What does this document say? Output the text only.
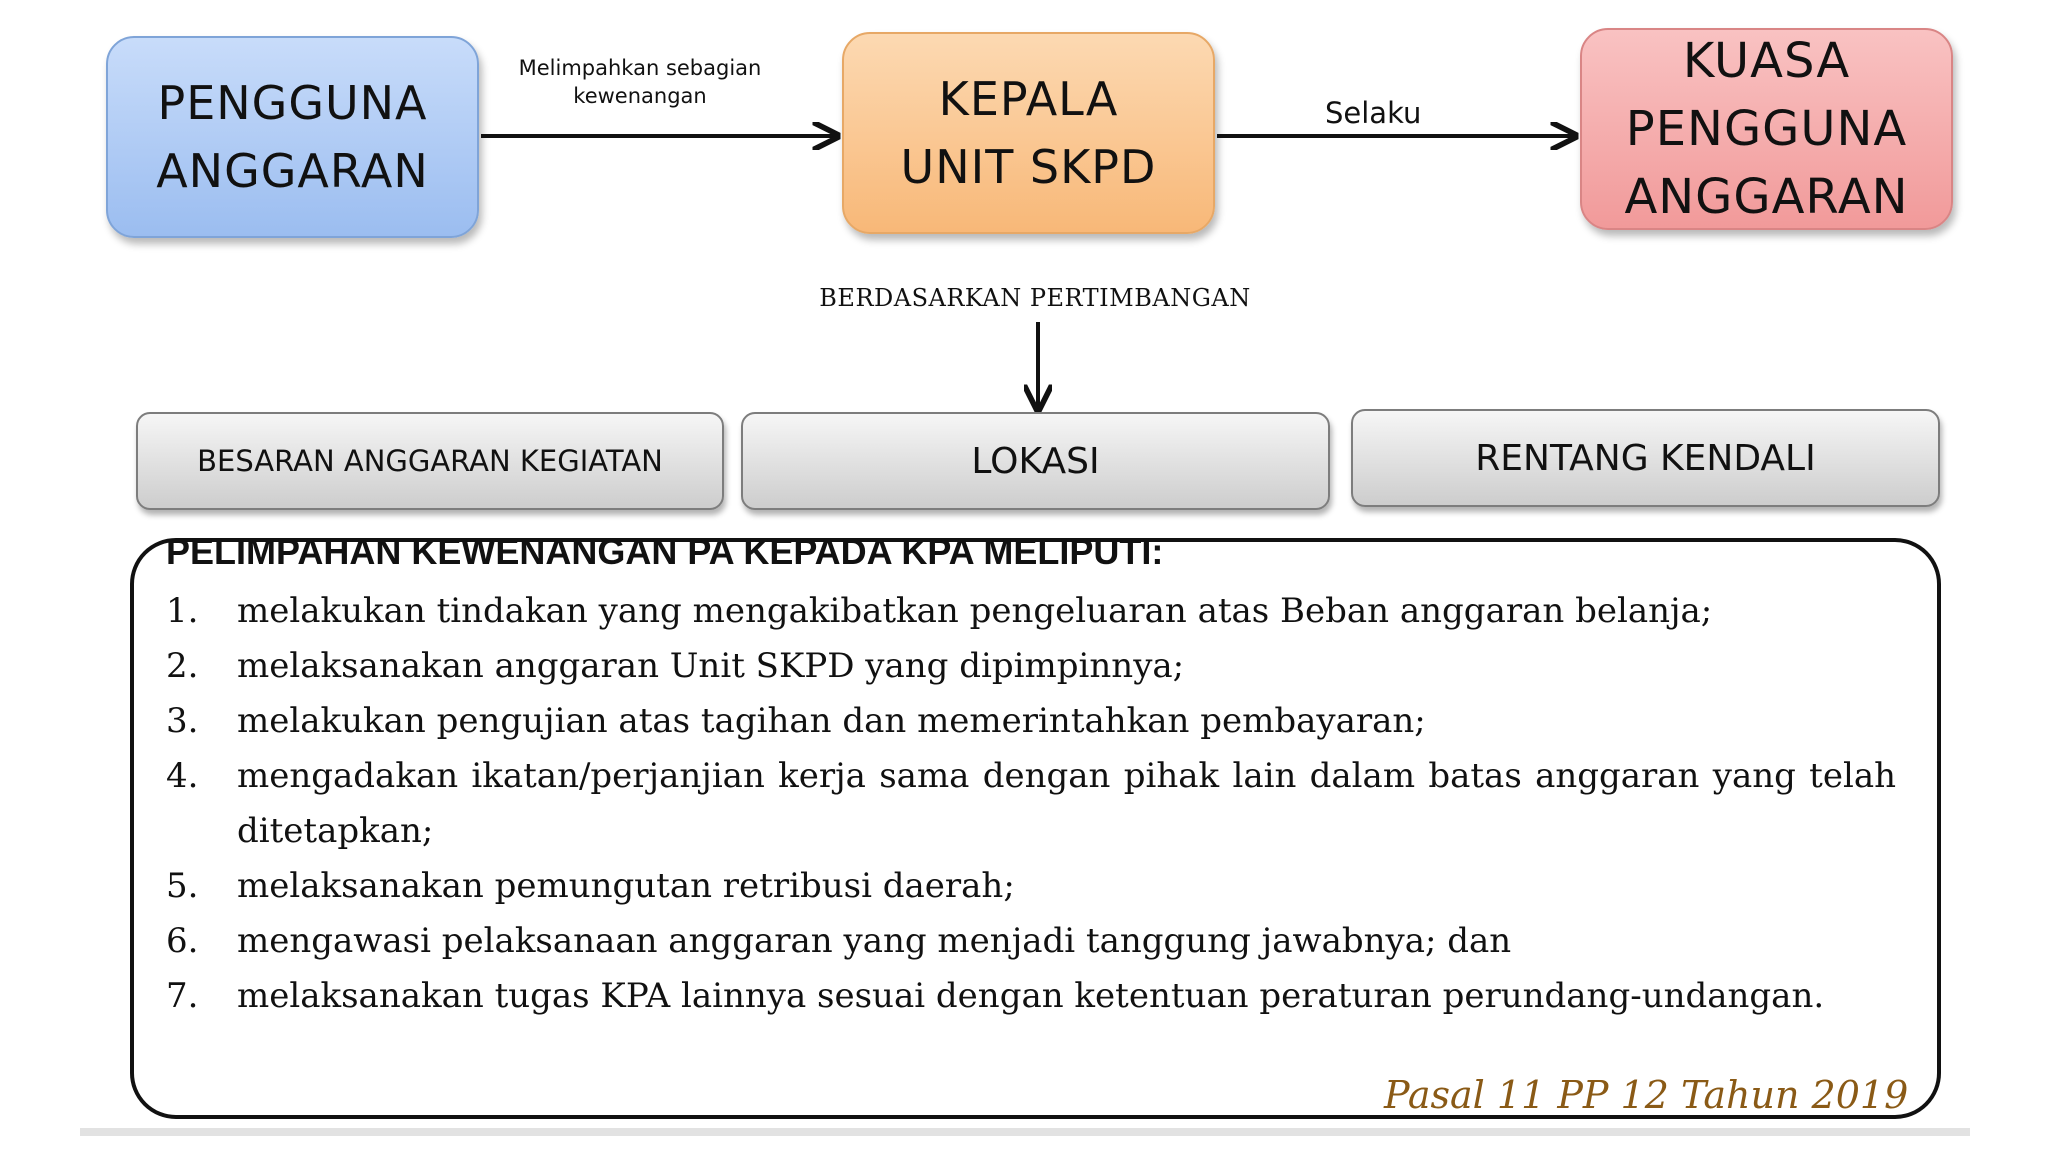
PENGGUNA
ANGGARAN
KEPALA
UNIT SKPD
KUASA
PENGGUNA
ANGGARAN
Melimpahkan sebagian
kewenangan	Selaku
BERDASARKAN PERTIMBANGAN
BESARAN ANGGARAN KEGIATAN	LOKASI	RENTANG KENDALI
PELIMPAHAN KEWENANGAN PA KEPADA KPA MELIPUTI:
1. melakukan tindakan yang mengakibatkan pengeluaran atas Beban anggaran belanja;
2. melaksanakan anggaran Unit SKPD yang dipimpinnya;
3. melakukan pengujian atas tagihan dan memerintahkan pembayaran;
4. mengadakan ikatan/perjanjian kerja sama dengan pihak lain dalam batas anggaran yang telah ditetapkan;
5. melaksanakan pemungutan retribusi daerah;
6. mengawasi pelaksanaan anggaran yang menjadi tanggung jawabnya; dan
7. melaksanakan tugas KPA lainnya sesuai dengan ketentuan peraturan perundang-undangan.
Pasal 11 PP 12 Tahun 2019
